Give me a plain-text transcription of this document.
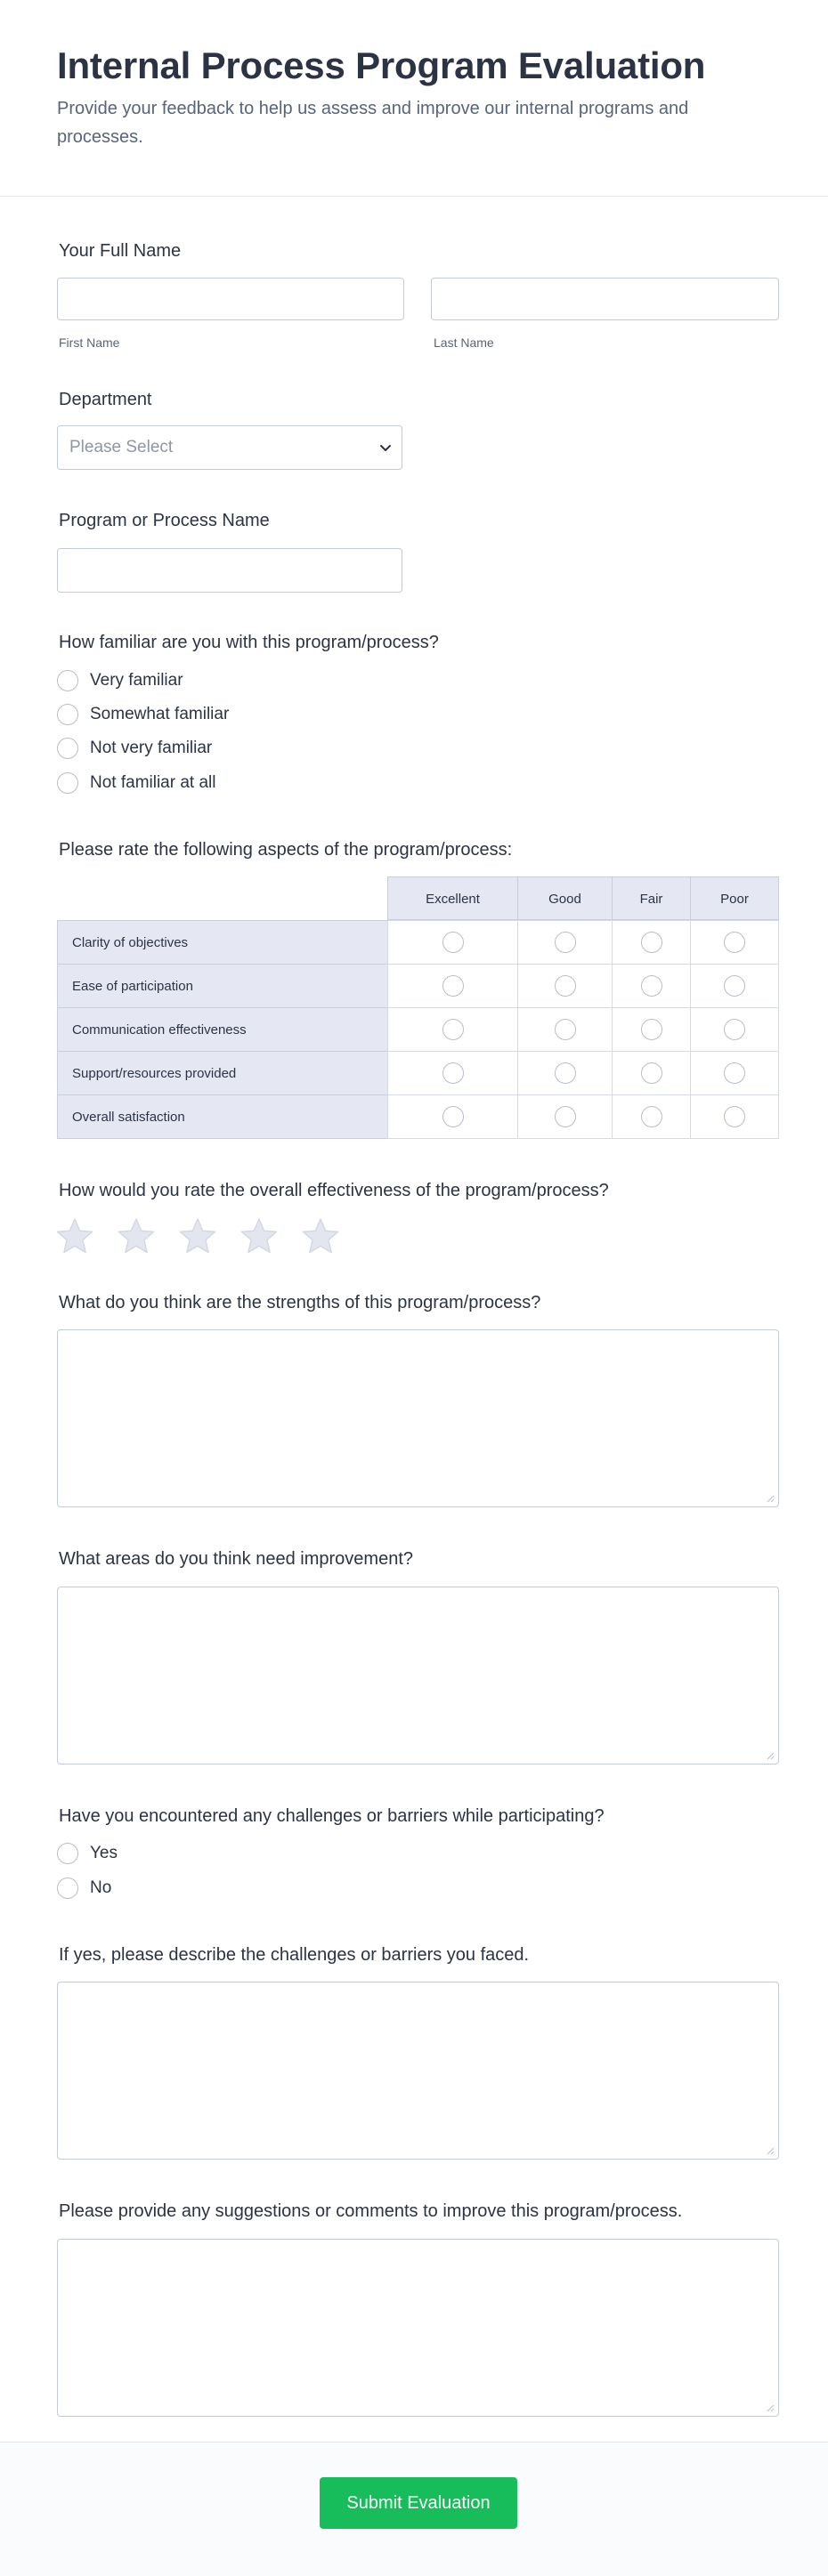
Internal Process Program Evaluation
Provide your feedback to help us assess and improve our internal programs and processes.
Your Full Name
First Name	Last Name
Department
Please Select
Program or Process Name
How familiar are you with this program/process?
Very familiar
Somewhat familiar
Not very familiar
Not familiar at all
Please rate the following aspects of the program/process:
Excellent	Good	Fair	Poor
Clarity of objectives
Ease of participation
Communication effectiveness
Support/resources provided
Overall satisfaction
How would you rate the overall effectiveness of the program/process?
What do you think are the strengths of this program/process?
What areas do you think need improvement?
Have you encountered any challenges or barriers while participating?
Yes
No
If yes, please describe the challenges or barriers you faced.
Please provide any suggestions or comments to improve this program/process.
Submit Evaluation
